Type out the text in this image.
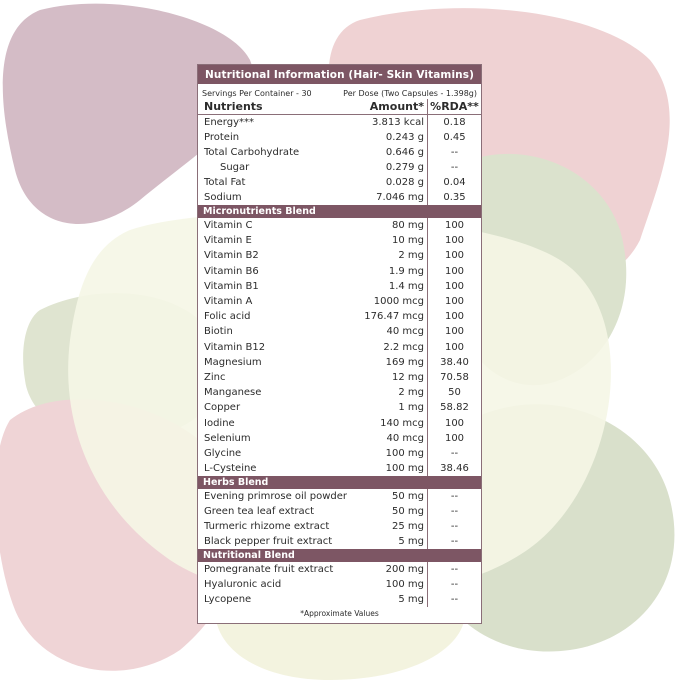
Nutritional Information (Hair- Skin Vitamins)
Servings Per Container - 30	Per Dose (Two Capsules - 1.398g)
Nutrients	Amount* %RDA**
Energy***	3.813 kcal	0.18
Protein	0.243 g	0.45
Total Carbohydrate	0.646 g	--
Sugar	0.279 g	--
Total Fat	0.028 g	0.04
Sodium	7.046 mg	0.35
Micronutrients Blend
Vitamin C	80 mg	100
Vitamin E	10 mg	100
Vitamin B2	2 mg	100
Vitamin B6	1.9 mg	100
Vitamin B1	1.4 mg	100
Vitamin A	1000 mcg	100
Folic acid	176.47 mcg	100
Biotin	40 mcg	100
Vitamin B12	2.2 mcg	100
Magnesium	169 mg	38.40
Zinc	12 mg	70.58
Manganese	2 mg	50
Copper	1 mg	58.82
Iodine	140 mcg	100
Selenium	40 mcg	100
Glycine	100 mg	--
L-Cysteine	100 mg	38.46
Herbs Blend
Evening primrose oil powder	50 mg	--
Green tea leaf extract	50 mg	--
Turmeric rhizome extract	25 mg	--
Black pepper fruit extract	5 mg	--
Nutritional Blend
Pomegranate fruit extract	200 mg	--
Hyaluronic acid	100 mg	--
Lycopene	5 mg	--
*Approximate Values
